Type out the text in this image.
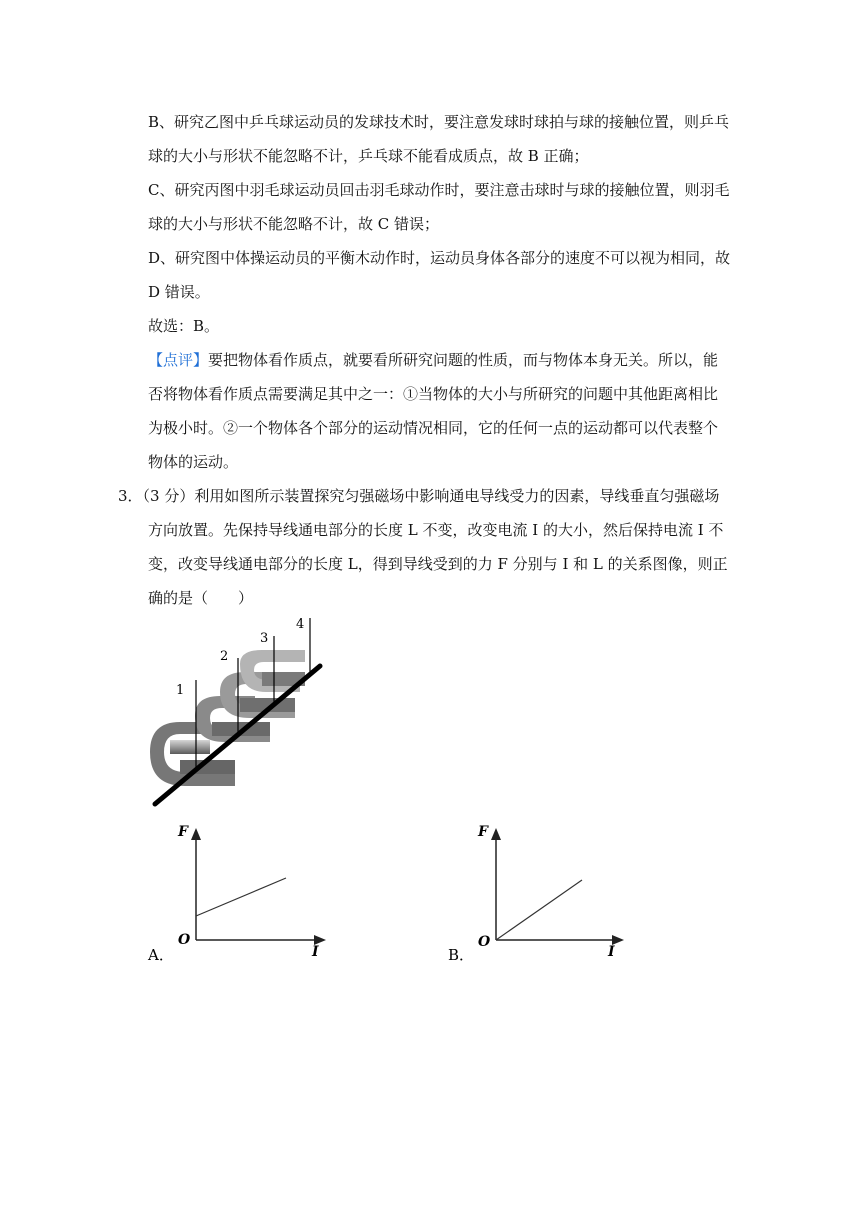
B、研究乙图中乒乓球运动员的发球技术时，要注意发球时球拍与球的接触位置，则乒乓
球的大小与形状不能忽略不计，乒乓球不能看成质点，故 B 正确；
C、研究丙图中羽毛球运动员回击羽毛球动作时，要注意击球时与球的接触位置，则羽毛
球的大小与形状不能忽略不计，故 C 错误；
D、研究图中体操运动员的平衡木动作时，运动员身体各部分的速度不可以视为相同，故
D 错误。
故选：B。
【点评】要把物体看作质点，就要看所研究问题的性质，而与物体本身无关。所以，能
否将物体看作质点需要满足其中之一：①当物体的大小与所研究的问题中其他距离相比
为极小时。②一个物体各个部分的运动情况相同，它的任何一点的运动都可以代表整个
物体的运动。
3．（3 分）利用如图所示装置探究匀强磁场中影响通电导线受力的因素，导线垂直匀强磁场
方向放置。先保持导线通电部分的长度 L 不变，改变电流 I 的大小，然后保持电流 I 不
变，改变导线通电部分的长度 L，得到导线受到的力 F 分别与 I 和 L 的关系图像，则正
确的是（　　）
1
2
3
4
F
I
O
A．
F
I
O
B．
